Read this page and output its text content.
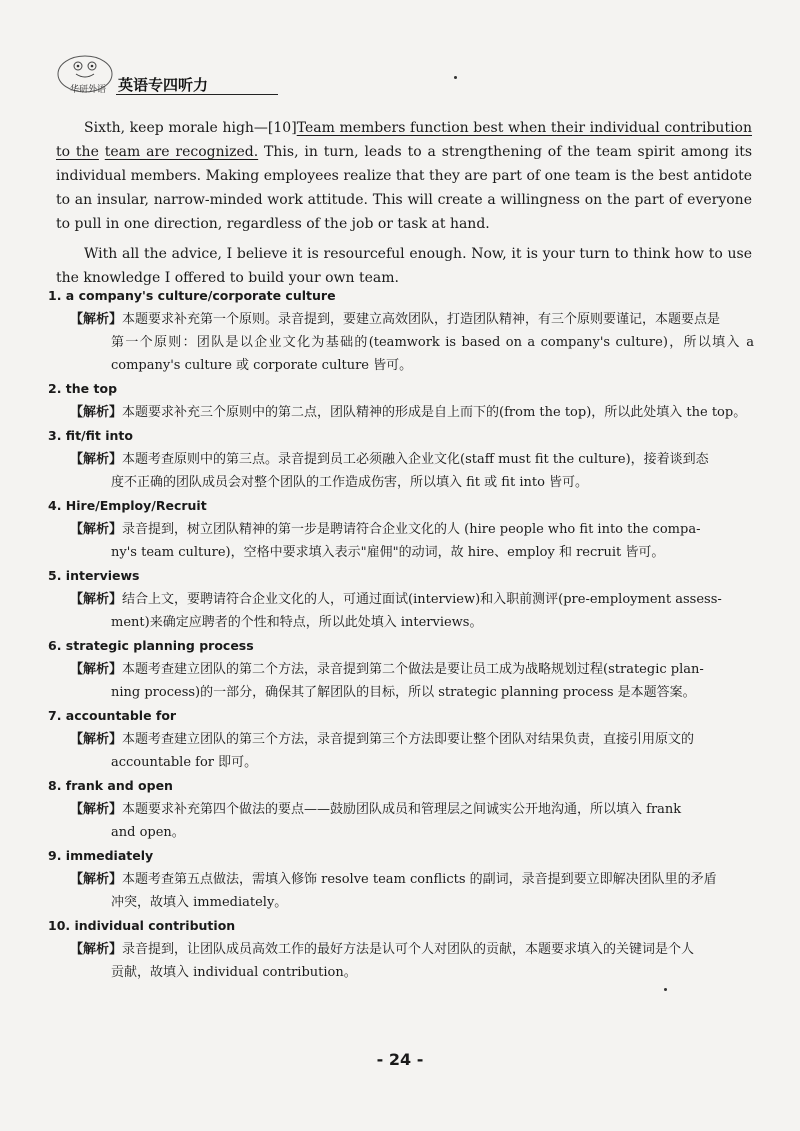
华研外语 英语专四听力

Sixth, keep morale high—[10]Team members function best when their individual contribution to the team are recognized. This, in turn, leads to a strengthening of the team spirit among its individual members. Making employees realize that they are part of one team is the best antidote to an insular, narrow-minded work attitude. This will create a willingness on the part of everyone to pull in one direction, regardless of the job or task at hand.

With all the advice, I believe it is resourceful enough. Now, it is your turn to think how to use the knowledge I offered to build your own team.

1. a company's culture/corporate culture
【解析】本题要求补充第一个原则。录音提到，要建立高效团队，打造团队精神，有三个原则要谨记，本题要点是
第一个原则：团队是以企业文化为基础的(teamwork is based on a company's culture)，所以填入 a company's culture 或 corporate culture 皆可。
2. the top
【解析】本题要求补充三个原则中的第二点，团队精神的形成是自上而下的(from the top)，所以此处填入 the top。
3. fit/fit into
【解析】本题考查原则中的第三点。录音提到员工必须融入企业文化(staff must fit the culture)，接着谈到态
度不正确的团队成员会对整个团队的工作造成伤害，所以填入 fit 或 fit into 皆可。
4. Hire/Employ/Recruit
【解析】录音提到，树立团队精神的第一步是聘请符合企业文化的人 (hire people who fit into the compa-
ny's team culture)，空格中要求填入表示"雇佣"的动词，故 hire、employ 和 recruit 皆可。
5. interviews
【解析】结合上文，要聘请符合企业文化的人，可通过面试(interview)和入职前测评(pre-employment assess-
ment)来确定应聘者的个性和特点，所以此处填入 interviews。
6. strategic planning process
【解析】本题考查建立团队的第二个方法，录音提到第二个做法是要让员工成为战略规划过程(strategic plan-
ning process)的一部分，确保其了解团队的目标，所以 strategic planning process 是本题答案。
7. accountable for
【解析】本题考查建立团队的第三个方法，录音提到第三个方法即要让整个团队对结果负责，直接引用原文的
accountable for 即可。
8. frank and open
【解析】本题要求补充第四个做法的要点——鼓励团队成员和管理层之间诚实公开地沟通，所以填入 frank
and open。
9. immediately
【解析】本题考查第五点做法，需填入修饰 resolve team conflicts 的副词，录音提到要立即解决团队里的矛盾
冲突，故填入 immediately。
10. individual contribution
【解析】录音提到，让团队成员高效工作的最好方法是认可个人对团队的贡献，本题要求填入的关键词是个人
贡献，故填入 individual contribution。
- 24 -
